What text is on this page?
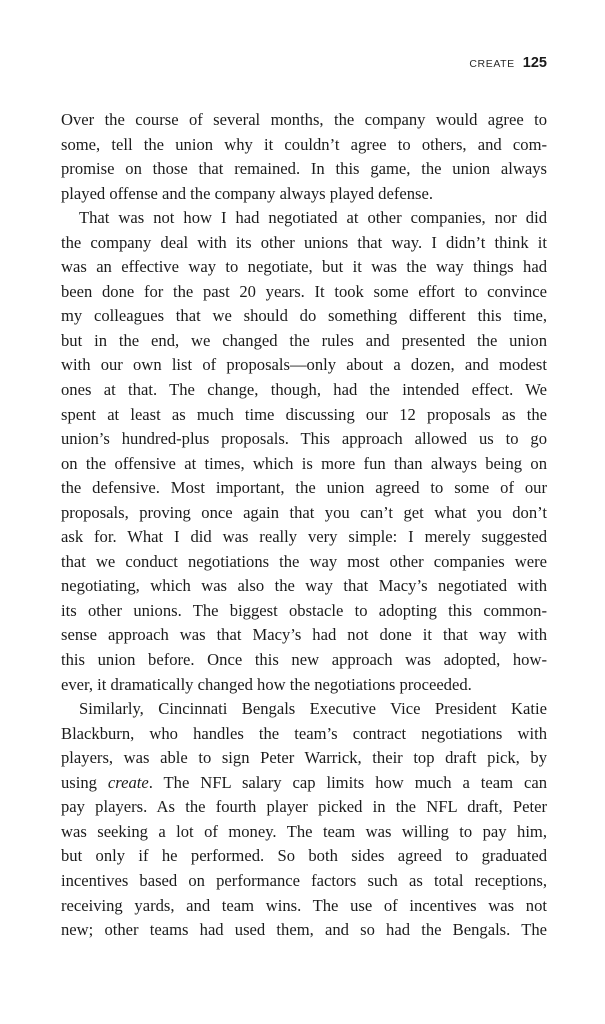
CREATE 125
Over the course of several months, the company would agree to
some, tell the union why it couldn’t agree to others, and com-
promise on those that remained. In this game, the union always
played offense and the company always played defense.
That was not how I had negotiated at other companies, nor did
the company deal with its other unions that way. I didn’t think it
was an effective way to negotiate, but it was the way things had
been done for the past 20 years. It took some effort to convince
my colleagues that we should do something different this time,
but in the end, we changed the rules and presented the union
with our own list of proposals—only about a dozen, and modest
ones at that. The change, though, had the intended effect. We
spent at least as much time discussing our 12 proposals as the
union’s hundred-plus proposals. This approach allowed us to go
on the offensive at times, which is more fun than always being on
the defensive. Most important, the union agreed to some of our
proposals, proving once again that you can’t get what you don’t
ask for. What I did was really very simple: I merely suggested
that we conduct negotiations the way most other companies were
negotiating, which was also the way that Macy’s negotiated with
its other unions. The biggest obstacle to adopting this common-
sense approach was that Macy’s had not done it that way with
this union before. Once this new approach was adopted, how-
ever, it dramatically changed how the negotiations proceeded.
Similarly, Cincinnati Bengals Executive Vice President Katie
Blackburn, who handles the team’s contract negotiations with
players, was able to sign Peter Warrick, their top draft pick, by
using create. The NFL salary cap limits how much a team can
pay players. As the fourth player picked in the NFL draft, Peter
was seeking a lot of money. The team was willing to pay him,
but only if he performed. So both sides agreed to graduated
incentives based on performance factors such as total receptions,
receiving yards, and team wins. The use of incentives was not
new; other teams had used them, and so had the Bengals. The
